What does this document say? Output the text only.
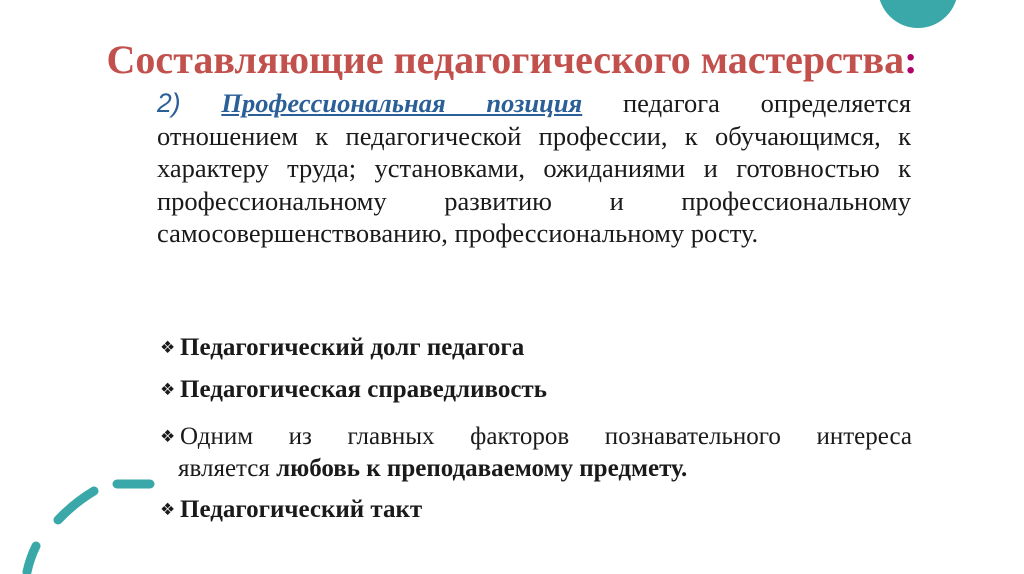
Составляющие педагогического мастерства:
2) Профессиональная позиция педагога определяется отношением к педагогической профессии, к обучающимся, к характеру труда; установками, ожиданиями и готовностью к профессиональному развитию и профессиональному самосовершенствованию, профессиональному росту.
❖ Педагогический долг педагога
❖ Педагогическая справедливость
❖ Одним из главных факторов познавательного интереса
является любовь к преподаваемому предмету.
❖ Педагогический такт
